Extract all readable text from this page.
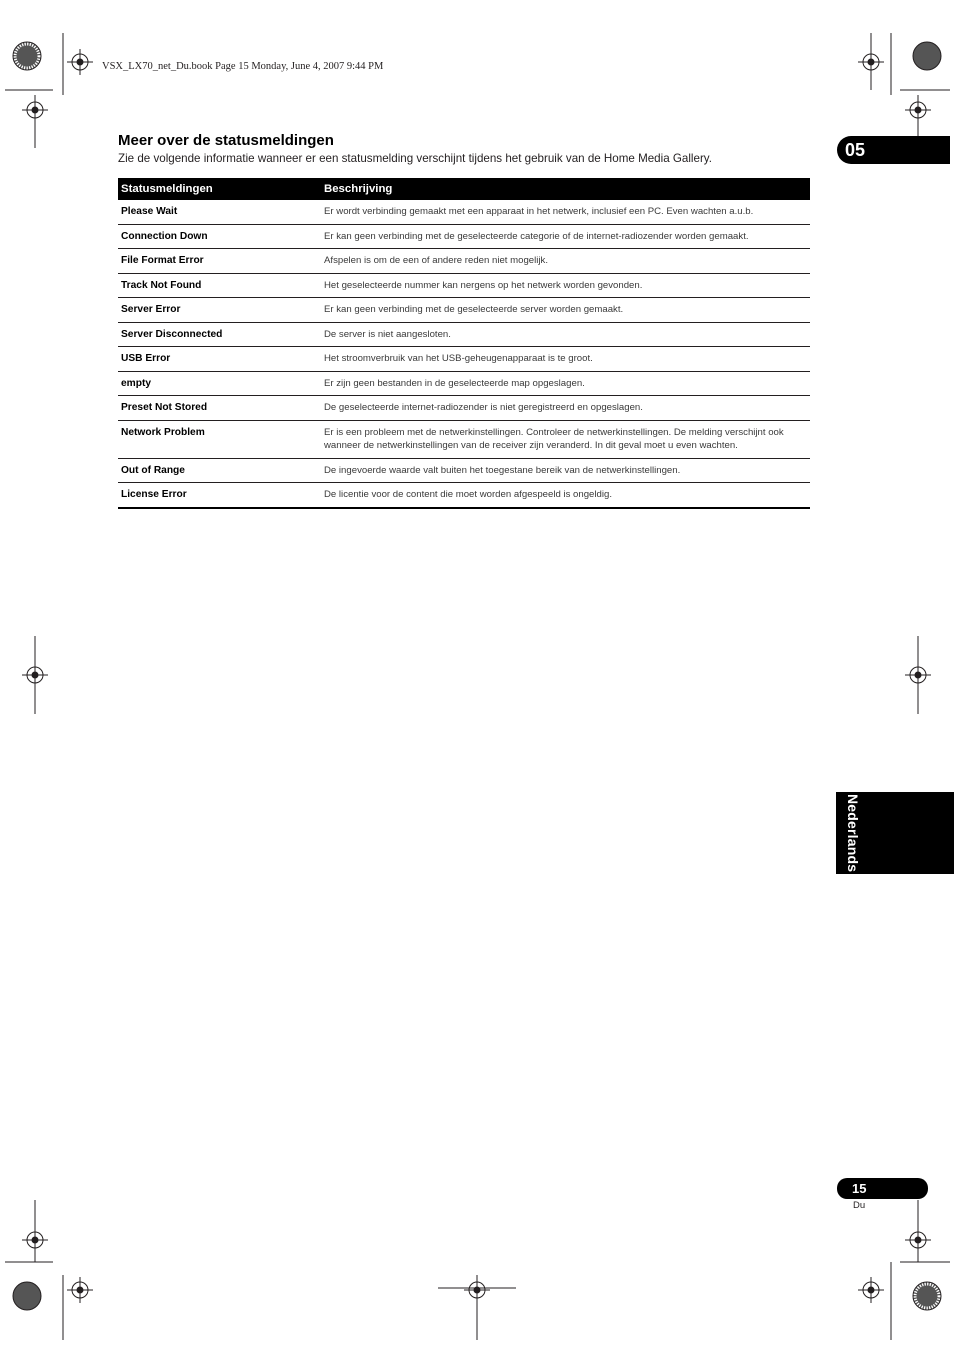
VSX_LX70_net_Du.book Page 15 Monday, June 4, 2007 9:44 PM
05
Meer over de statusmeldingen
Zie de volgende informatie wanneer er een statusmelding verschijnt tijdens het gebruik van de Home Media Gallery.
Statusmeldingen	Beschrijving
Please Wait	Er wordt verbinding gemaakt met een apparaat in het netwerk, inclusief een PC. Even wachten a.u.b.
Connection Down	Er kan geen verbinding met de geselecteerde categorie of de internet-radiozender worden gemaakt.
File Format Error	Afspelen is om de een of andere reden niet mogelijk.
Track Not Found	Het geselecteerde nummer kan nergens op het netwerk worden gevonden.
Server Error	Er kan geen verbinding met de geselecteerde server worden gemaakt.
Server Disconnected	De server is niet aangesloten.
USB Error	Het stroomverbruik van het USB-geheugenapparaat is te groot.
empty	Er zijn geen bestanden in de geselecteerde map opgeslagen.
Preset Not Stored	De geselecteerde internet-radiozender is niet geregistreerd en opgeslagen.
Network Problem	Er is een probleem met de netwerkinstellingen. Controleer de netwerkinstellingen. De melding verschijnt ook wanneer de netwerkinstellingen van de receiver zijn veranderd. In dit geval moet u even wachten.
Out of Range	De ingevoerde waarde valt buiten het toegestane bereik van de netwerkinstellingen.
License Error	De licentie voor de content die moet worden afgespeeld is ongeldig.
Nederlands
15
Du
